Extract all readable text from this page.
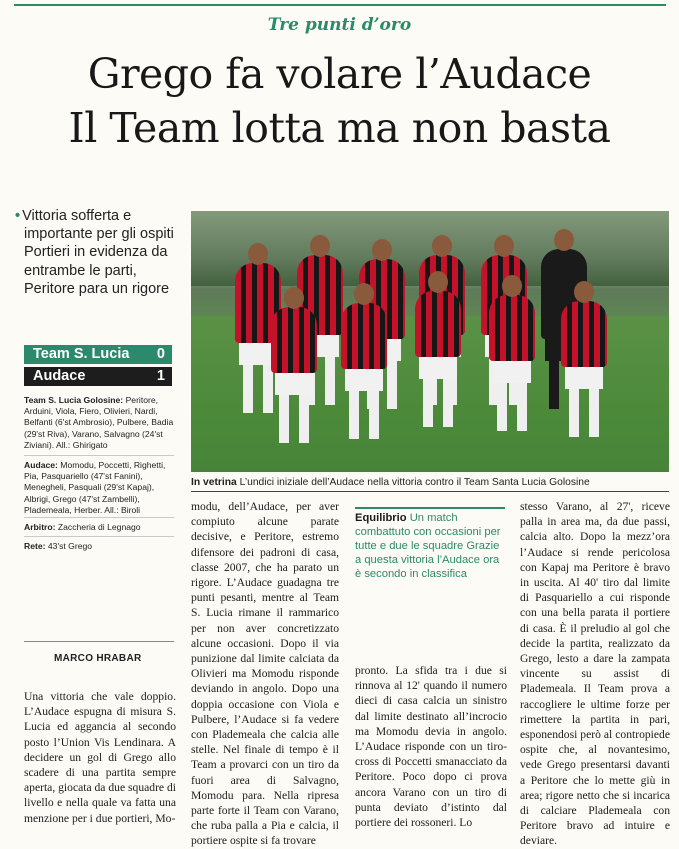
Tre punti d’oro
Grego fa volare l’Audace
Il Team lotta ma non basta
• Vittoria sofferta e importante per gli ospiti Portieri in evidenza da entrambe le parti, Peritore para un rigore
Team S. Lucia 0
Audace	1
Team S. Lucia Golosine: Peritore, Arduini, Viola, Fiero, Olivieri, Nardi, Belfanti (6'st Ambrosio), Pulbere, Badia (29'st Riva), Varano, Salvagno (24'st Ziviani). All.: Ghirigato
Audace: Momodu, Poccetti, Righetti, Pia, Pasquariello (47'st Fanini), Menegheli, Pasquali (29'st Kapaj), Albrigi, Grego (47'st Zambelli), Plademeala, Herber. All.: Biroli
Arbitro: Zaccheria di Legnago
Rete: 43'st Grego
In vetrina L’undici iniziale dell’Audace nella vittoria contro il Team Santa Lucia Golosine
MARCO HRABAR
Una vittoria che vale doppio. L’Audace espugna di misura S. Lucia ed aggancia al secondo posto l’Union Vis Lendinara. A decidere un gol di Grego allo scadere di una partita sempre aperta, giocata da due squadre di livello e nella quale va fatta una menzione per i due portieri, Mo-
modu, dell’Audace, per aver compiuto alcune parate decisive, e Peritore, estremo difensore dei padroni di casa, classe 2007, che ha parato un rigore. L’Audace guadagna tre punti pesanti, mentre al Team S. Lucia rimane il rammarico per non aver concretizzato alcune occasioni. Dopo il via punizione dal limite calciata da Olivieri ma Momodu risponde deviando in angolo. Dopo una doppia occasione con Viola e Pulbere, l’Audace si fa vedere con Plademeala che calcia alle stelle. Nel finale di tempo è il Team a provarci con un tiro da fuori area di Salvagno, Momodu para. Nella ripresa parte forte il Team con Varano, che ruba palla a Pia e calcia, il portiere ospite si fa trovare
Equilibrio Un match combattuto con occasioni per tutte e due le squadre Grazie a questa vittoria l’Audace ora è secondo in classifica
pronto. La sfida tra i due si rinnova al 12' quando il numero dieci di casa calcia un sinistro dal limite destinato all’incrocio ma Momodu devia in angolo. L’Audace risponde con un tiro-cross di Poccetti smanacciato da Peritore. Poco dopo ci prova ancora Varano con un tiro di punta deviato d’istinto dal portiere dei rossoneri. Lo
stesso Varano, al 27', riceve palla in area ma, da due passi, calcia alto. Dopo la mezz’ora l’Audace si rende pericolosa con Kapaj ma Peritore è bravo in uscita. Al 40' tiro dal limite di Pasquariello a cui risponde con una bella parata il portiere di casa. È il preludio al gol che decide la partita, realizzato da Grego, lesto a dare la zampata vincente su assist di Plademeala. Il Team prova a raccogliere le ultime forze per rimettere la partita in pari, esponendosi però al contropiede ospite che, al novantesimo, vede Grego presentarsi davanti a Peritore che lo mette giù in area; rigore netto che si incarica di calciare Plademeala con Peritore bravo ad intuire e deviare.
